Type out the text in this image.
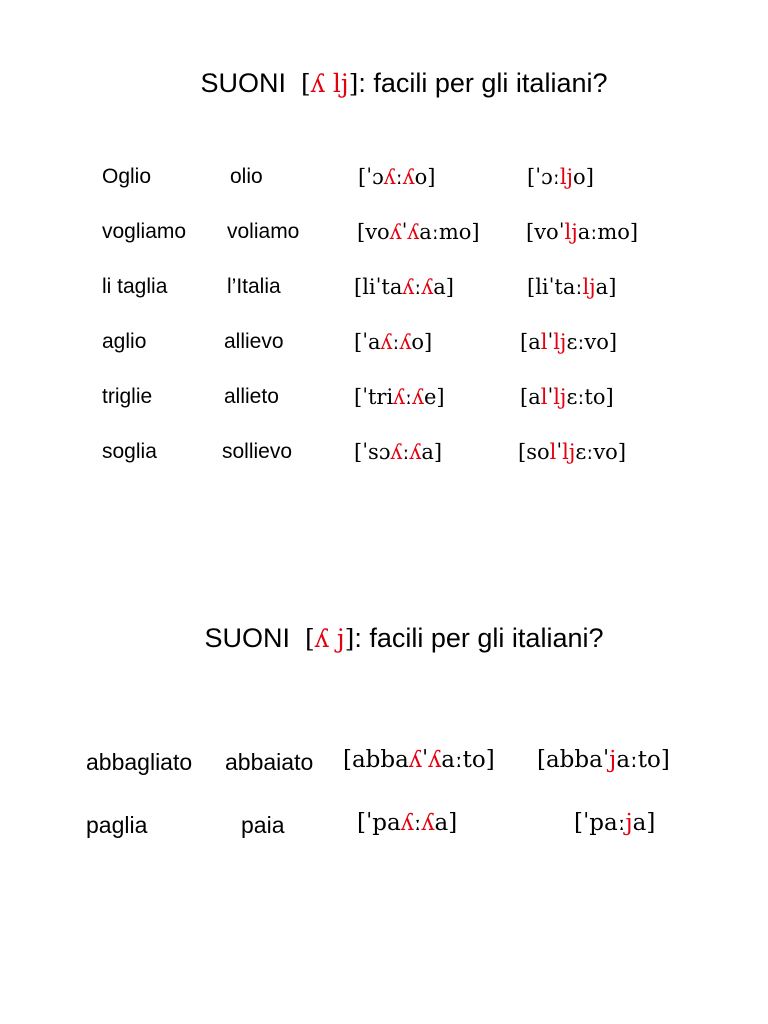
SUONI  [ʎ lj]: facili per gli italiani?
Oglio	olio	[ˈɔʎːʎo]	[ˈɔːljo]
vogliamo voliamo	[voʎˈʎaːmo] [voˈljaːmo]
li taglia	l’Italia	[liˈtaʎːʎa]	[liˈtaːlja]
aglio	allievo	[ˈaʎːʎo]	[alˈljɛːvo]
triglie	allieto	[ˈtriʎːʎe]	[alˈljɛːto]
soglia	sollievo	[ˈsɔʎːʎa]	[solˈljɛːvo]
SUONI  [ʎ j]: facili per gli italiani?
abbagliato abbaiato [abbaʎˈʎaːto] [abbaˈjaːto]
paglia	paia	[ˈpaʎːʎa]	[ˈpaːja]
